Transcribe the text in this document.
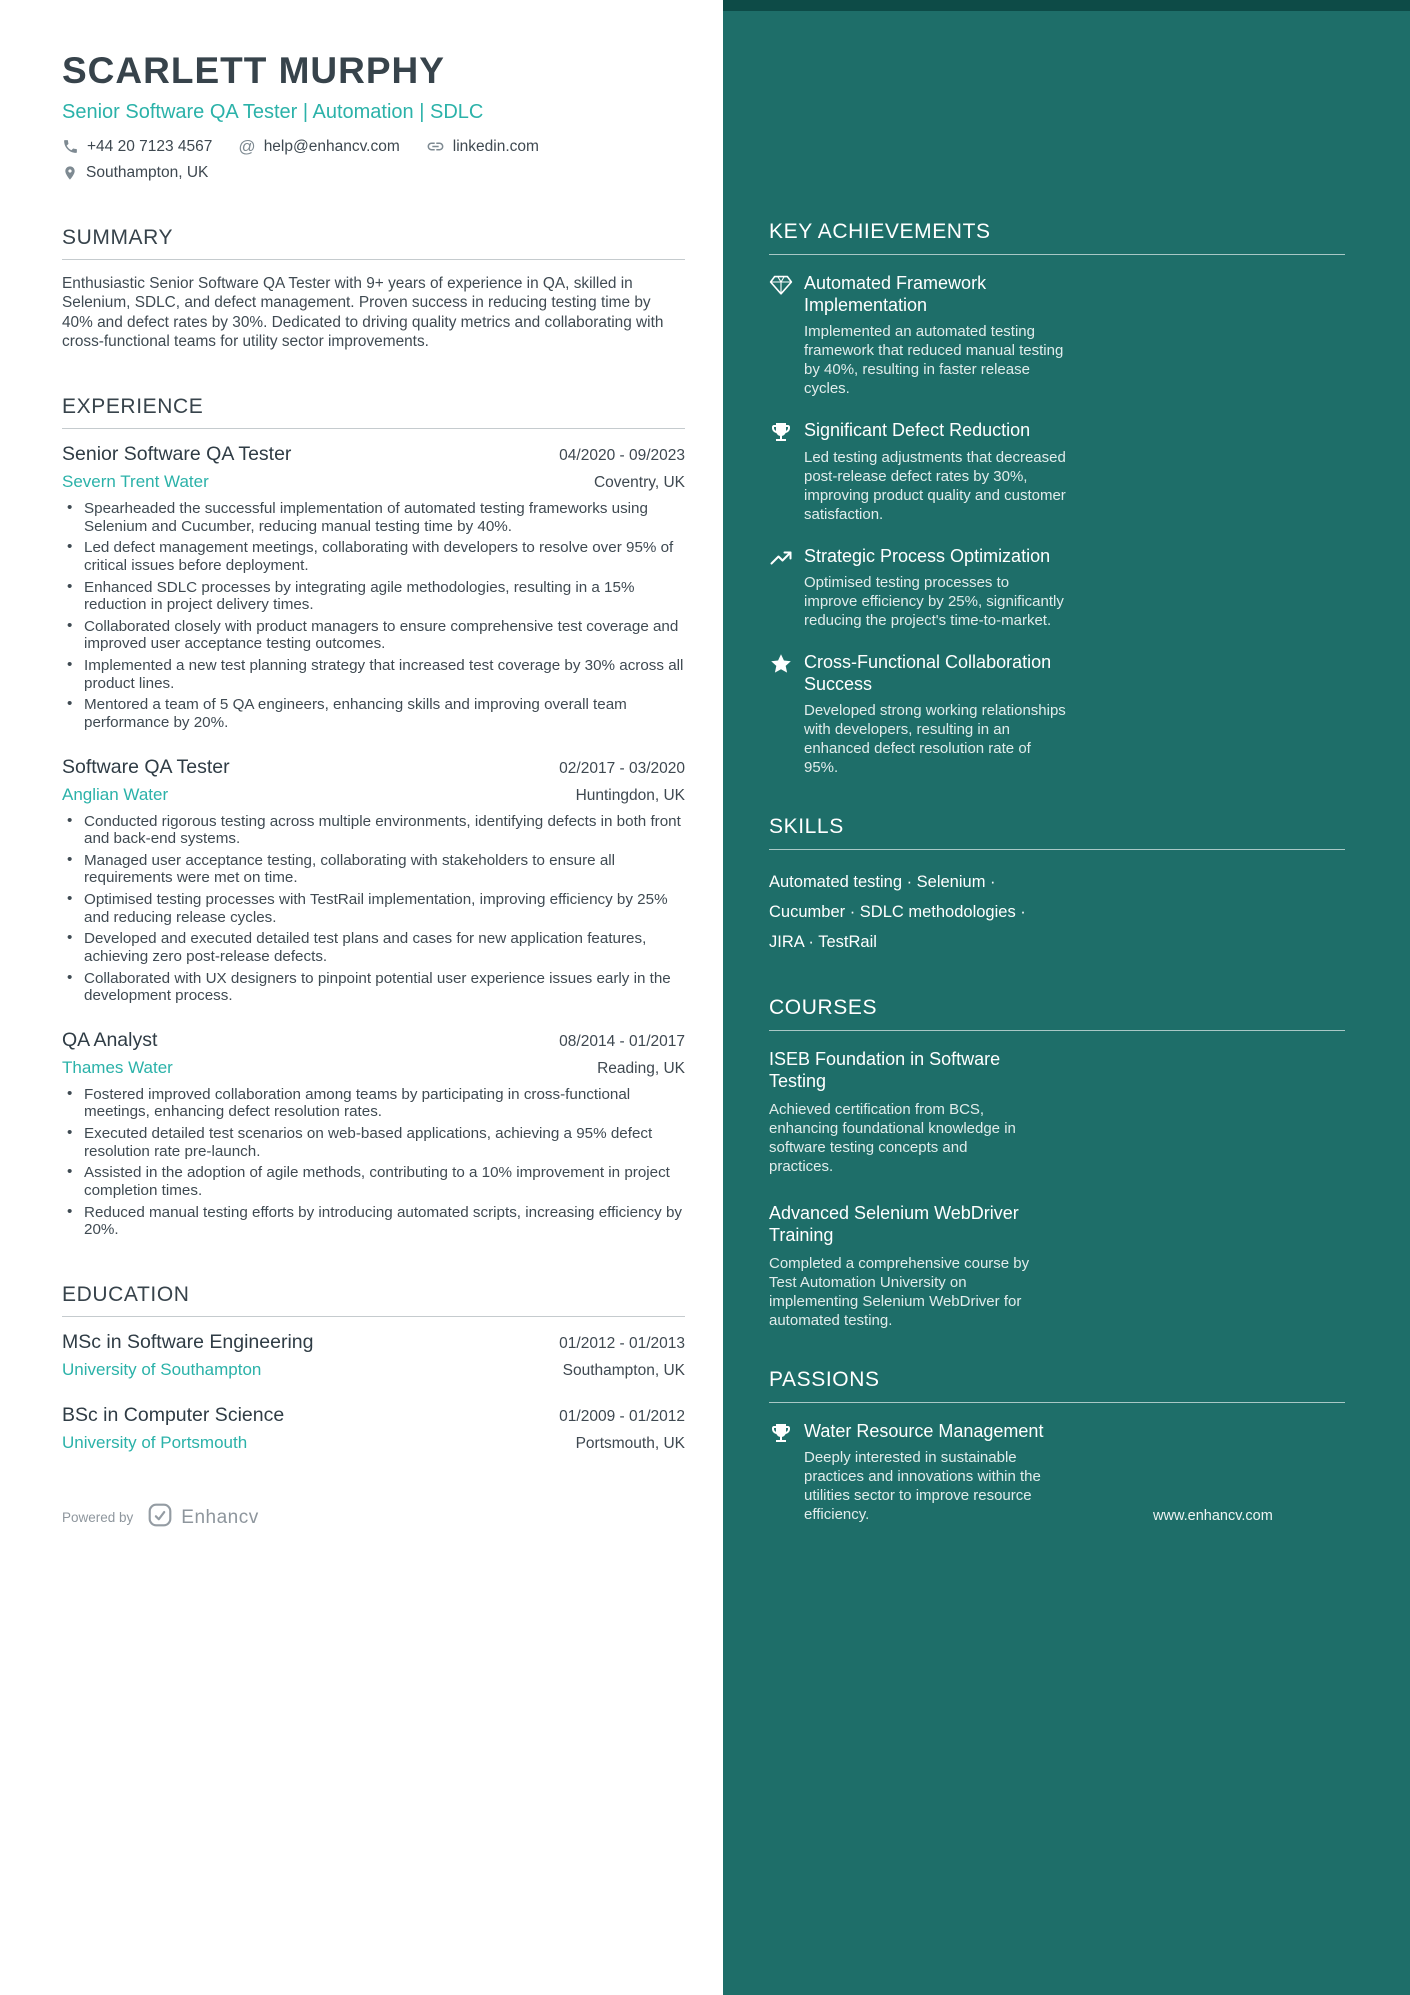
KEY ACHIEVEMENTS
Automated Framework Implementation
Implemented an automated testing framework that reduced manual testing by 40%, resulting in faster release cycles.
Significant Defect Reduction
Led testing adjustments that decreased post-release defect rates by 30%, improving product quality and customer satisfaction.
Strategic Process Optimization
Optimised testing processes to improve efficiency by 25%, significantly reducing the project's time-to-market.
Cross-Functional Collaboration Success
Developed strong working relationships with developers, resulting in an enhanced defect resolution rate of 95%.
SKILLS
Automated testing · Selenium · Cucumber · SDLC methodologies · JIRA · TestRail
COURSES
ISEB Foundation in Software Testing
Achieved certification from BCS, enhancing foundational knowledge in software testing concepts and practices.
Advanced Selenium WebDriver Training
Completed a comprehensive course by Test Automation University on implementing Selenium WebDriver for automated testing.
PASSIONS
Water Resource Management
Deeply interested in sustainable practices and innovations within the utilities sector to improve resource efficiency.
SCARLETT MURPHY
Senior Software QA Tester | Automation | SDLC
+44 20 7123 4567 @ help@enhancv.com	linkedin.com
Southampton, UK
SUMMARY

Enthusiastic Senior Software QA Tester with 9+ years of experience in QA, skilled in Selenium, SDLC, and defect management. Proven success in reducing testing time by 40% and defect rates by 30%. Dedicated to driving quality metrics and collaborating with cross-functional teams for utility sector improvements.

EXPERIENCE
Senior Software QA Tester	04/2020 - 09/2023
Severn Trent Water	Coventry, UK
• Spearheaded the successful implementation of automated testing frameworks using Selenium and Cucumber, reducing manual testing time by 40%.
• Led defect management meetings, collaborating with developers to resolve over 95% of critical issues before deployment.
• Enhanced SDLC processes by integrating agile methodologies, resulting in a 15% reduction in project delivery times.
• Collaborated closely with product managers to ensure comprehensive test coverage and improved user acceptance testing outcomes.
• Implemented a new test planning strategy that increased test coverage by 30% across all product lines.
• Mentored a team of 5 QA engineers, enhancing skills and improving overall team performance by 20%.
Software QA Tester	02/2017 - 03/2020
Anglian Water	Huntingdon, UK
• Conducted rigorous testing across multiple environments, identifying defects in both front and back-end systems.
• Managed user acceptance testing, collaborating with stakeholders to ensure all requirements were met on time.
• Optimised testing processes with TestRail implementation, improving efficiency by 25% and reducing release cycles.
• Developed and executed detailed test plans and cases for new application features, achieving zero post-release defects.
• Collaborated with UX designers to pinpoint potential user experience issues early in the development process.
QA Analyst	08/2014 - 01/2017
Thames Water	Reading, UK
• Fostered improved collaboration among teams by participating in cross-functional meetings, enhancing defect resolution rates.
• Executed detailed test scenarios on web-based applications, achieving a 95% defect resolution rate pre-launch.
• Assisted in the adoption of agile methods, contributing to a 10% improvement in project completion times.
• Reduced manual testing efforts by introducing automated scripts, increasing efficiency by 20%.
EDUCATION
MSc in Software Engineering	01/2012 - 01/2013
University of Southampton	Southampton, UK
BSc in Computer Science	01/2009 - 01/2012
University of Portsmouth	Portsmouth, UK
Powered by	Enhancv	www.enhancv.com
